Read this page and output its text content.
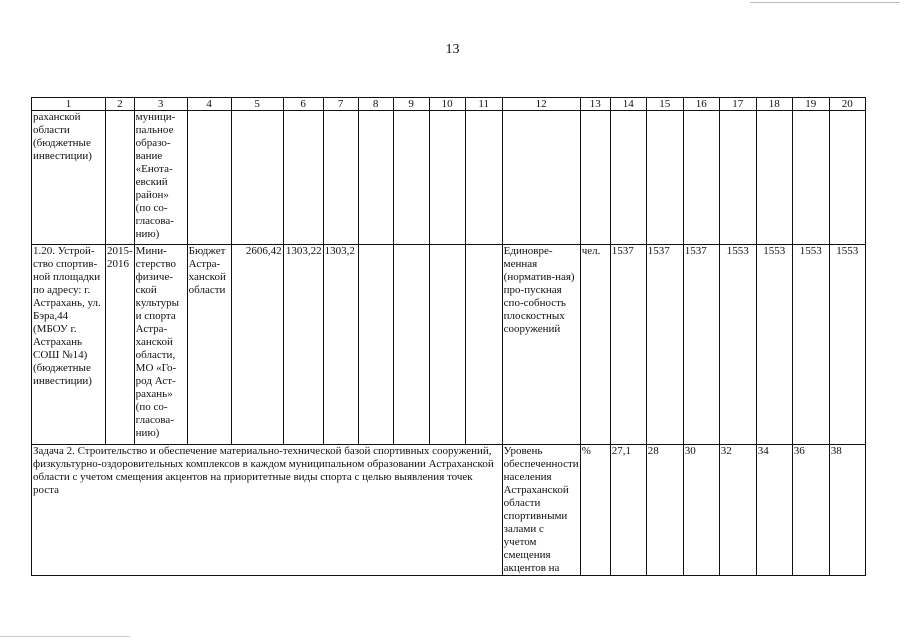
13
1	2	3	4	5	6	7	8	9	10	11	12	13	14	15	16	17	18	19	20
раханской области (бюджетные инвестиции)		муници-пальное образо-вание «Енота-евский район» (по со-гласова-нию)																	
1.20. Устрой-ство спортив-ной площадки по адресу: г. Астрахань, ул. Бэра,44 (МБОУ г. Астрахань СОШ №14) (бюджетные инвестиции)	2015-2016	Мини-стерство физиче-ской культуры и спорта Астра-ханской области, МО «Го-род Аст-рахань» (по со-гласова-нию)	Бюджет Астра-ханской области	2606,42	1303,22	1303,2					Единовре-менная (норматив-ная) про-пускная спо-собность плоскостных сооружений	чел.	1537	1537	1537	1553	1553	1553	1553
Задача 2. Строительство и обеспечение материально-технической базой спортивных сооружений, физкультурно-оздоровительных комплексов в каждом муниципальном образовании Астраханской области с учетом смещения акцентов на приоритетные виды спорта с целью выявления точек роста											Уровень обеспеченности населения Астраханской области спортивными залами с учетом смещения акцентов на	%	27,1	28	30	32	34	36	38
